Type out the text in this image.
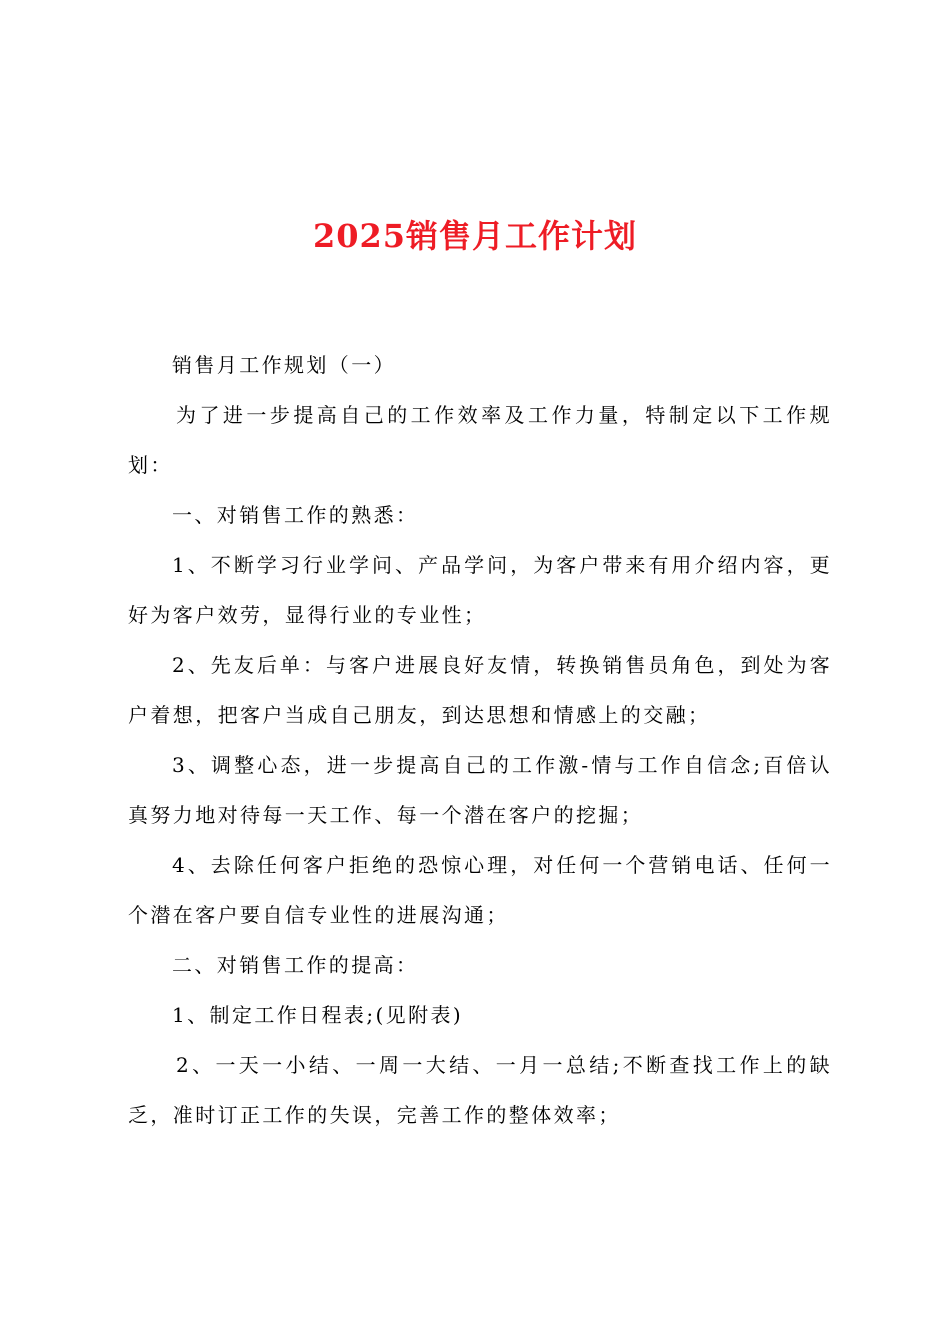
2025销售月工作计划

销售月工作规划（一）

为了进一步提高自己的工作效率及工作力量，特制定以下工作规划：

一、对销售工作的熟悉：

1、不断学习行业学问、产品学问，为客户带来有用介绍内容，更好为客户效劳，显得行业的专业性；

2、先友后单：与客户进展良好友情，转换销售员角色，到处为客户着想，把客户当成自己朋友，到达思想和情感上的交融；

3、调整心态，进一步提高自己的工作激-情与工作自信念;百倍认真努力地对待每一天工作、每一个潜在客户的挖掘；

4、去除任何客户拒绝的恐惊心理，对任何一个营销电话、任何一个潜在客户要自信专业性的进展沟通；

二、对销售工作的提高：

1、制定工作日程表;(见附表)

2、一天一小结、一周一大结、一月一总结;不断查找工作上的缺乏，准时订正工作的失误，完善工作的整体效率；
